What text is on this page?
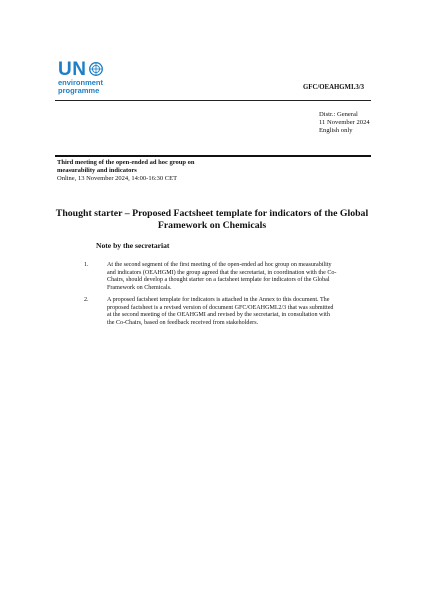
UN
environment
programme	GFC/OEAHGMI.3/3
Distr.: General
11 November 2024
English only
Third meeting of the open-ended ad hoc group on
measurability and indicators
Online, 13 November 2024, 14:00-16:30 CET
Thought starter – Proposed Factsheet template for indicators of the Global
Framework on Chemicals
Note by the secretariat
1.	At the second segment of the first meeting of the open-ended ad hoc group on measurability
and indicators (OEAHGMI) the group agreed that the secretariat, in coordination with the Co-
Chairs, should develop a thought starter on a factsheet template for indicators of the Global
Framework on Chemicals.
2.	A proposed factsheet template for indicators is attached in the Annex to this document. The
proposed factsheet is a revised version of document GFC/OEAHGMI.2/3 that was submitted
at the second meeting of the OEAHGMI and revised by the secretariat, in consultation with
the Co-Chairs, based on feedback received from stakeholders.
